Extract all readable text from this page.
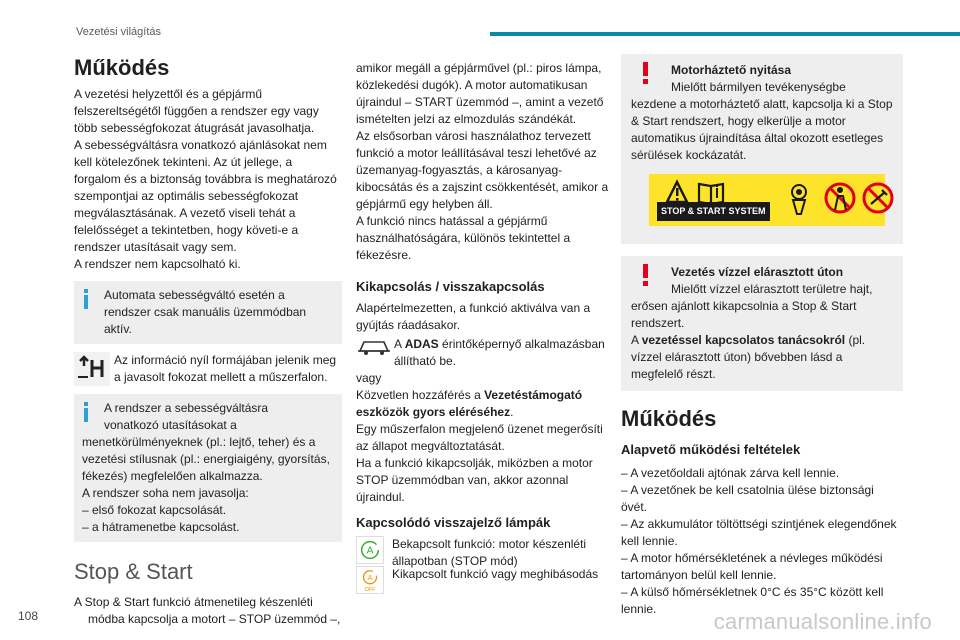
Vezetési világítás
Működés

A vezetési helyzettől és a gépjármű felszereltségétől függően a rendszer egy vagy több sebességfokozat átugrását javasolhatja.

A sebességváltásra vonatkozó ajánlásokat nem kell kötelezőnek tekinteni. Az út jellege, a forgalom és a biztonság továbbra is meghatározó szempontjai az optimális sebességfokozat megválasztásának. A vezető viseli tehát a felelősséget a tekintetben, hogy követi-e a rendszer utasításait vagy sem.

A rendszer nem kapcsolható ki.

Automata sebességváltó esetén a
rendszer csak manuális üzemmódban aktív.
Az információ nyíl formájában jelenik meg a javasolt fokozat mellett a műszerfalon.
A rendszer a sebességváltásra
vonatkozó utasításokat a
menetkörülményeknek (pl.: lejtő, teher) és a vezetési stílusnak (pl.: energiaigény, gyorsítás, fékezés) megfelelően alkalmazza.
A rendszer soha nem javasolja:
– első fokozat kapcsolását.
– a hátramenetbe kapcsolást.
Stop & Start

A Stop & Start funkció átmenetileg készenléti

módba kapcsolja a motort – STOP üzemmód –,

amikor megáll a gépjárművel (pl.: piros lámpa, közlekedési dugók). A motor automatikusan újraindul – START üzemmód –, amint a vezető ismételten jelzi az elmozdulás szándékát.

Az elsősorban városi használathoz tervezett funkció a motor leállításával teszi lehetővé az üzemanyag-fogyasztás, a károsanyag-kibocsátás és a zajszint csökkentését, amikor a gépjármű egy helyben áll.

A funkció nincs hatással a gépjármű használhatóságára, különös tekintettel a fékezésre.

Kikapcsolás / visszakapcsolás

Alapértelmezetten, a funkció aktiválva van a gyújtás ráadásakor.

A ADAS érintőképernyő alkalmazásban állítható be.

vagy

Közvetlen hozzáférés a Vezetéstámogató eszközök gyors eléréséhez.

Egy műszerfalon megjelenő üzenet megerősíti az állapot megváltoztatását.

Ha a funkció kikapcsolják, miközben a motor STOP üzemmódban van, akkor azonnal újraindul.

Kapcsolódó visszajelző lámpák
A
Bekapcsolt funkció: motor készenléti állapotban (STOP mód)
A
OFF
Kikapcsolt funkció vagy meghibásodás
Motorháztető nyitása
Mielőtt bármilyen tevékenységbe
kezdene a motorháztető alatt, kapcsolja ki a Stop & Start rendszert, hogy elkerülje a motor automatikus újraindítása által okozott esetleges sérülések kockázatát.
STOP & START SYSTEM
Vezetés vízzel elárasztott úton
Mielőtt vízzel elárasztott területre hajt,
erősen ajánlott kikapcsolnia a Stop & Start rendszert.
A vezetéssel kapcsolatos tanácsokról (pl. vízzel elárasztott úton) bővebben lásd a megfelelő részt.
Működés
Alapvető működési feltételek

– A vezetőoldali ajtónak zárva kell lennie.

– A vezetőnek be kell csatolnia ülése biztonsági övét.

– Az akkumulátor töltöttségi szintjének elegendőnek kell lennie.

– A motor hőmérsékletének a névleges működési tartományon belül kell lennie.

– A külső hőmérsékletnek 0°C és 35°C között kell lennie.

108	carmanualsonline.info
